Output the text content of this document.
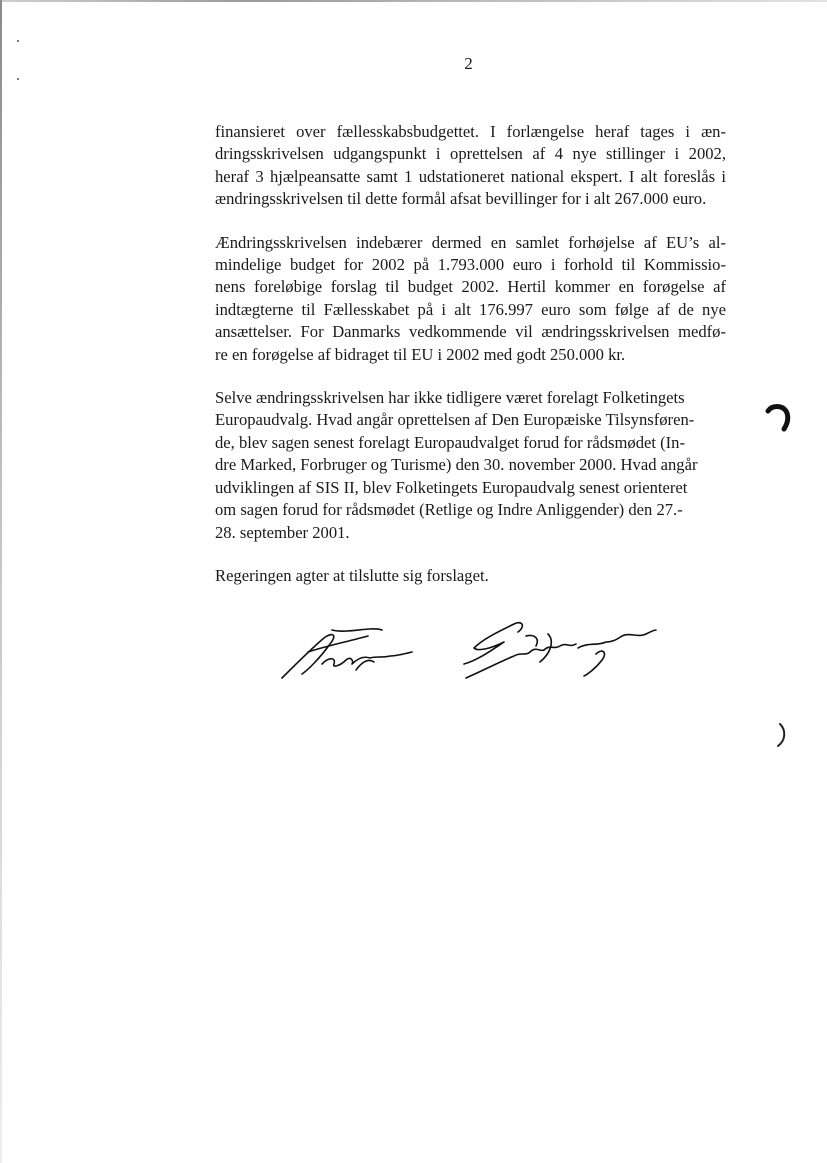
2

finansieret over fællesskabsbudgettet. I forlængelse heraf tages i æn-
dringsskrivelsen udgangspunkt i oprettelsen af 4 nye stillinger i 2002,
heraf 3 hjælpeansatte samt 1 udstationeret national ekspert. I alt foreslås i
ændringsskrivelsen til dette formål afsat bevillinger for i alt 267.000 euro.

Ændringsskrivelsen indebærer dermed en samlet forhøjelse af EU’s al-
mindelige budget for 2002 på 1.793.000 euro i forhold til Kommissio-
nens foreløbige forslag til budget 2002. Hertil kommer en forøgelse af
indtægterne til Fællesskabet på i alt 176.997 euro som følge af de nye
ansættelser. For Danmarks vedkommende vil ændringsskrivelsen medfø-
re en forøgelse af bidraget til EU i 2002 med godt 250.000 kr.

Selve ændringsskrivelsen har ikke tidligere været forelagt Folketingets
Europaudvalg. Hvad angår oprettelsen af Den Europæiske Tilsynsføren-
de, blev sagen senest forelagt Europaudvalget forud for rådsmødet (In-
dre Marked, Forbruger og Turisme) den 30. november 2000. Hvad angår
udviklingen af SIS II, blev Folketingets Europaudvalg senest orienteret
om sagen forud for rådsmødet (Retlige og Indre Anliggender) den 27.-
28. september 2001.

Regeringen agter at tilslutte sig forslaget.
